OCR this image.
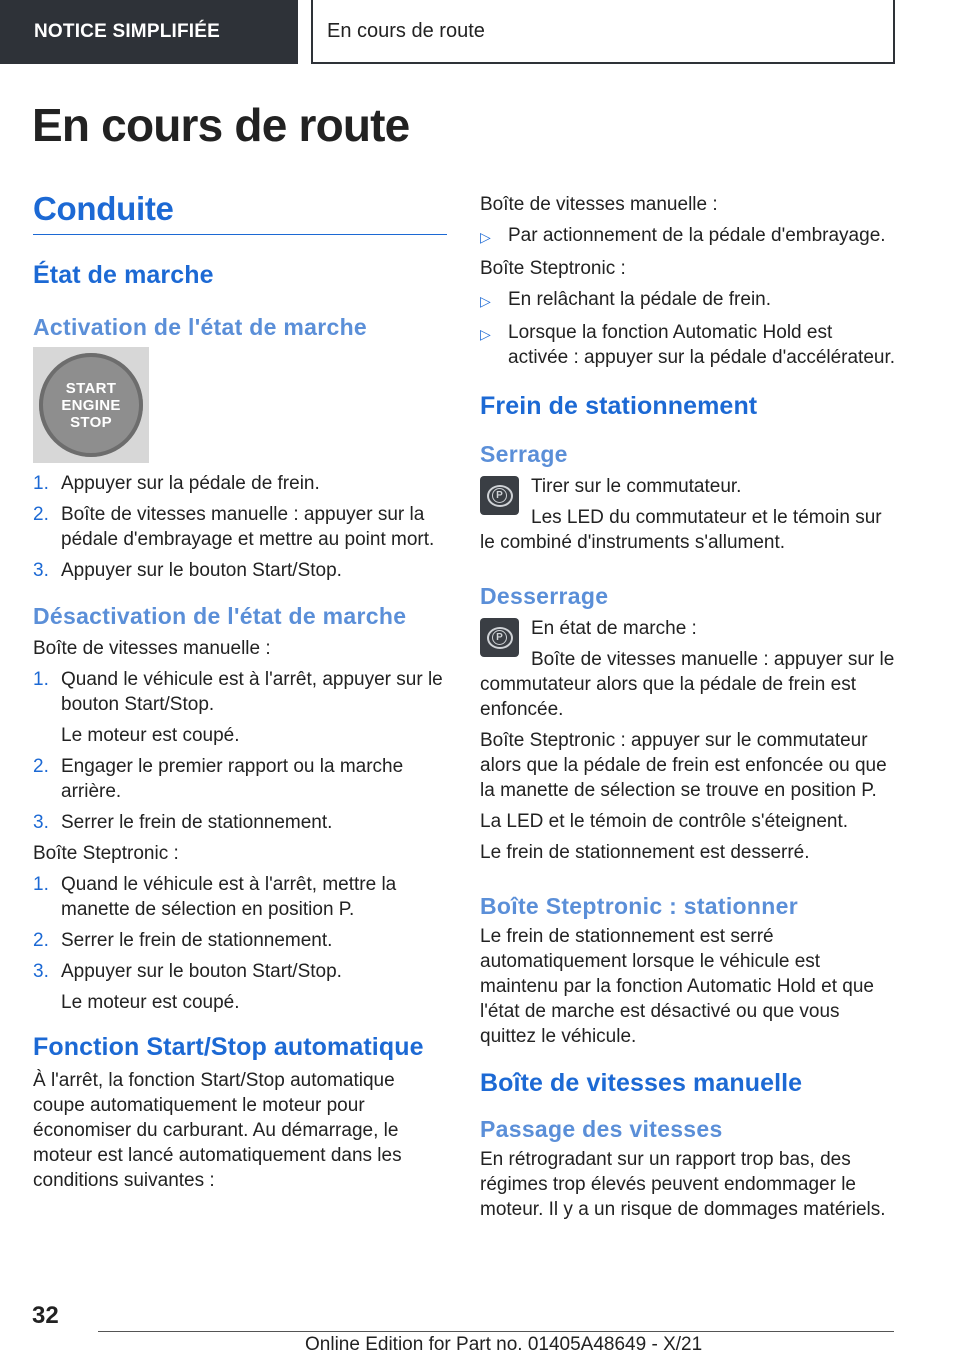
NOTICE SIMPLIFIÉE	En cours de route
En cours de route
Conduite
État de marche
Activation de l'état de marche
START
ENGINE
STOP
1. Appuyer sur la pédale de frein.
2. Boîte de vitesses manuelle : appuyer sur la pédale d'embrayage et mettre au point mort.
3. Appuyer sur le bouton Start/Stop.
Désactivation de l'état de marche

Boîte de vitesses manuelle :

1. Quand le véhicule est à l'arrêt, appuyer sur le bouton Start/Stop.
Le moteur est coupé.
2. Engager le premier rapport ou la marche arrière.
3. Serrer le frein de stationnement.

Boîte Steptronic :

1. Quand le véhicule est à l'arrêt, mettre la manette de sélection en position P.
2. Serrer le frein de stationnement.
3. Appuyer sur le bouton Start/Stop.
Le moteur est coupé.
Fonction Start/Stop automatique

À l'arrêt, la fonction Start/Stop automatique coupe automatiquement le moteur pour économiser du carburant. Au démarrage, le moteur est lancé automatiquement dans les conditions suivantes :

Boîte de vitesses manuelle :

▷ Par actionnement de la pédale d'embrayage.

Boîte Steptronic :

▷ En relâchant la pédale de frein.
▷ Lorsque la fonction Automatic Hold est activée : appuyer sur la pédale d'accélérateur.
Frein de stationnement
Serrage
P	Tirer sur le commutateur.

Les LED du commutateur et le témoin sur le combiné d'instruments s'allument.

Desserrage
P	En état de marche :

Boîte de vitesses manuelle : appuyer sur le commutateur alors que la pédale de frein est enfoncée.

Boîte Steptronic : appuyer sur le commutateur alors que la pédale de frein est enfoncée ou que la manette de sélection se trouve en position P.

La LED et le témoin de contrôle s'éteignent.

Le frein de stationnement est desserré.

Boîte Steptronic : stationner

Le frein de stationnement est serré automatiquement lorsque le véhicule est maintenu par la fonction Automatic Hold et que l'état de marche est désactivé ou que vous quittez le véhicule.

Boîte de vitesses manuelle
Passage des vitesses

En rétrogradant sur un rapport trop bas, des régimes trop élevés peuvent endommager le moteur. Il y a un risque de dommages matériels.

32
Online Edition for Part no. 01405A48649 - X/21
